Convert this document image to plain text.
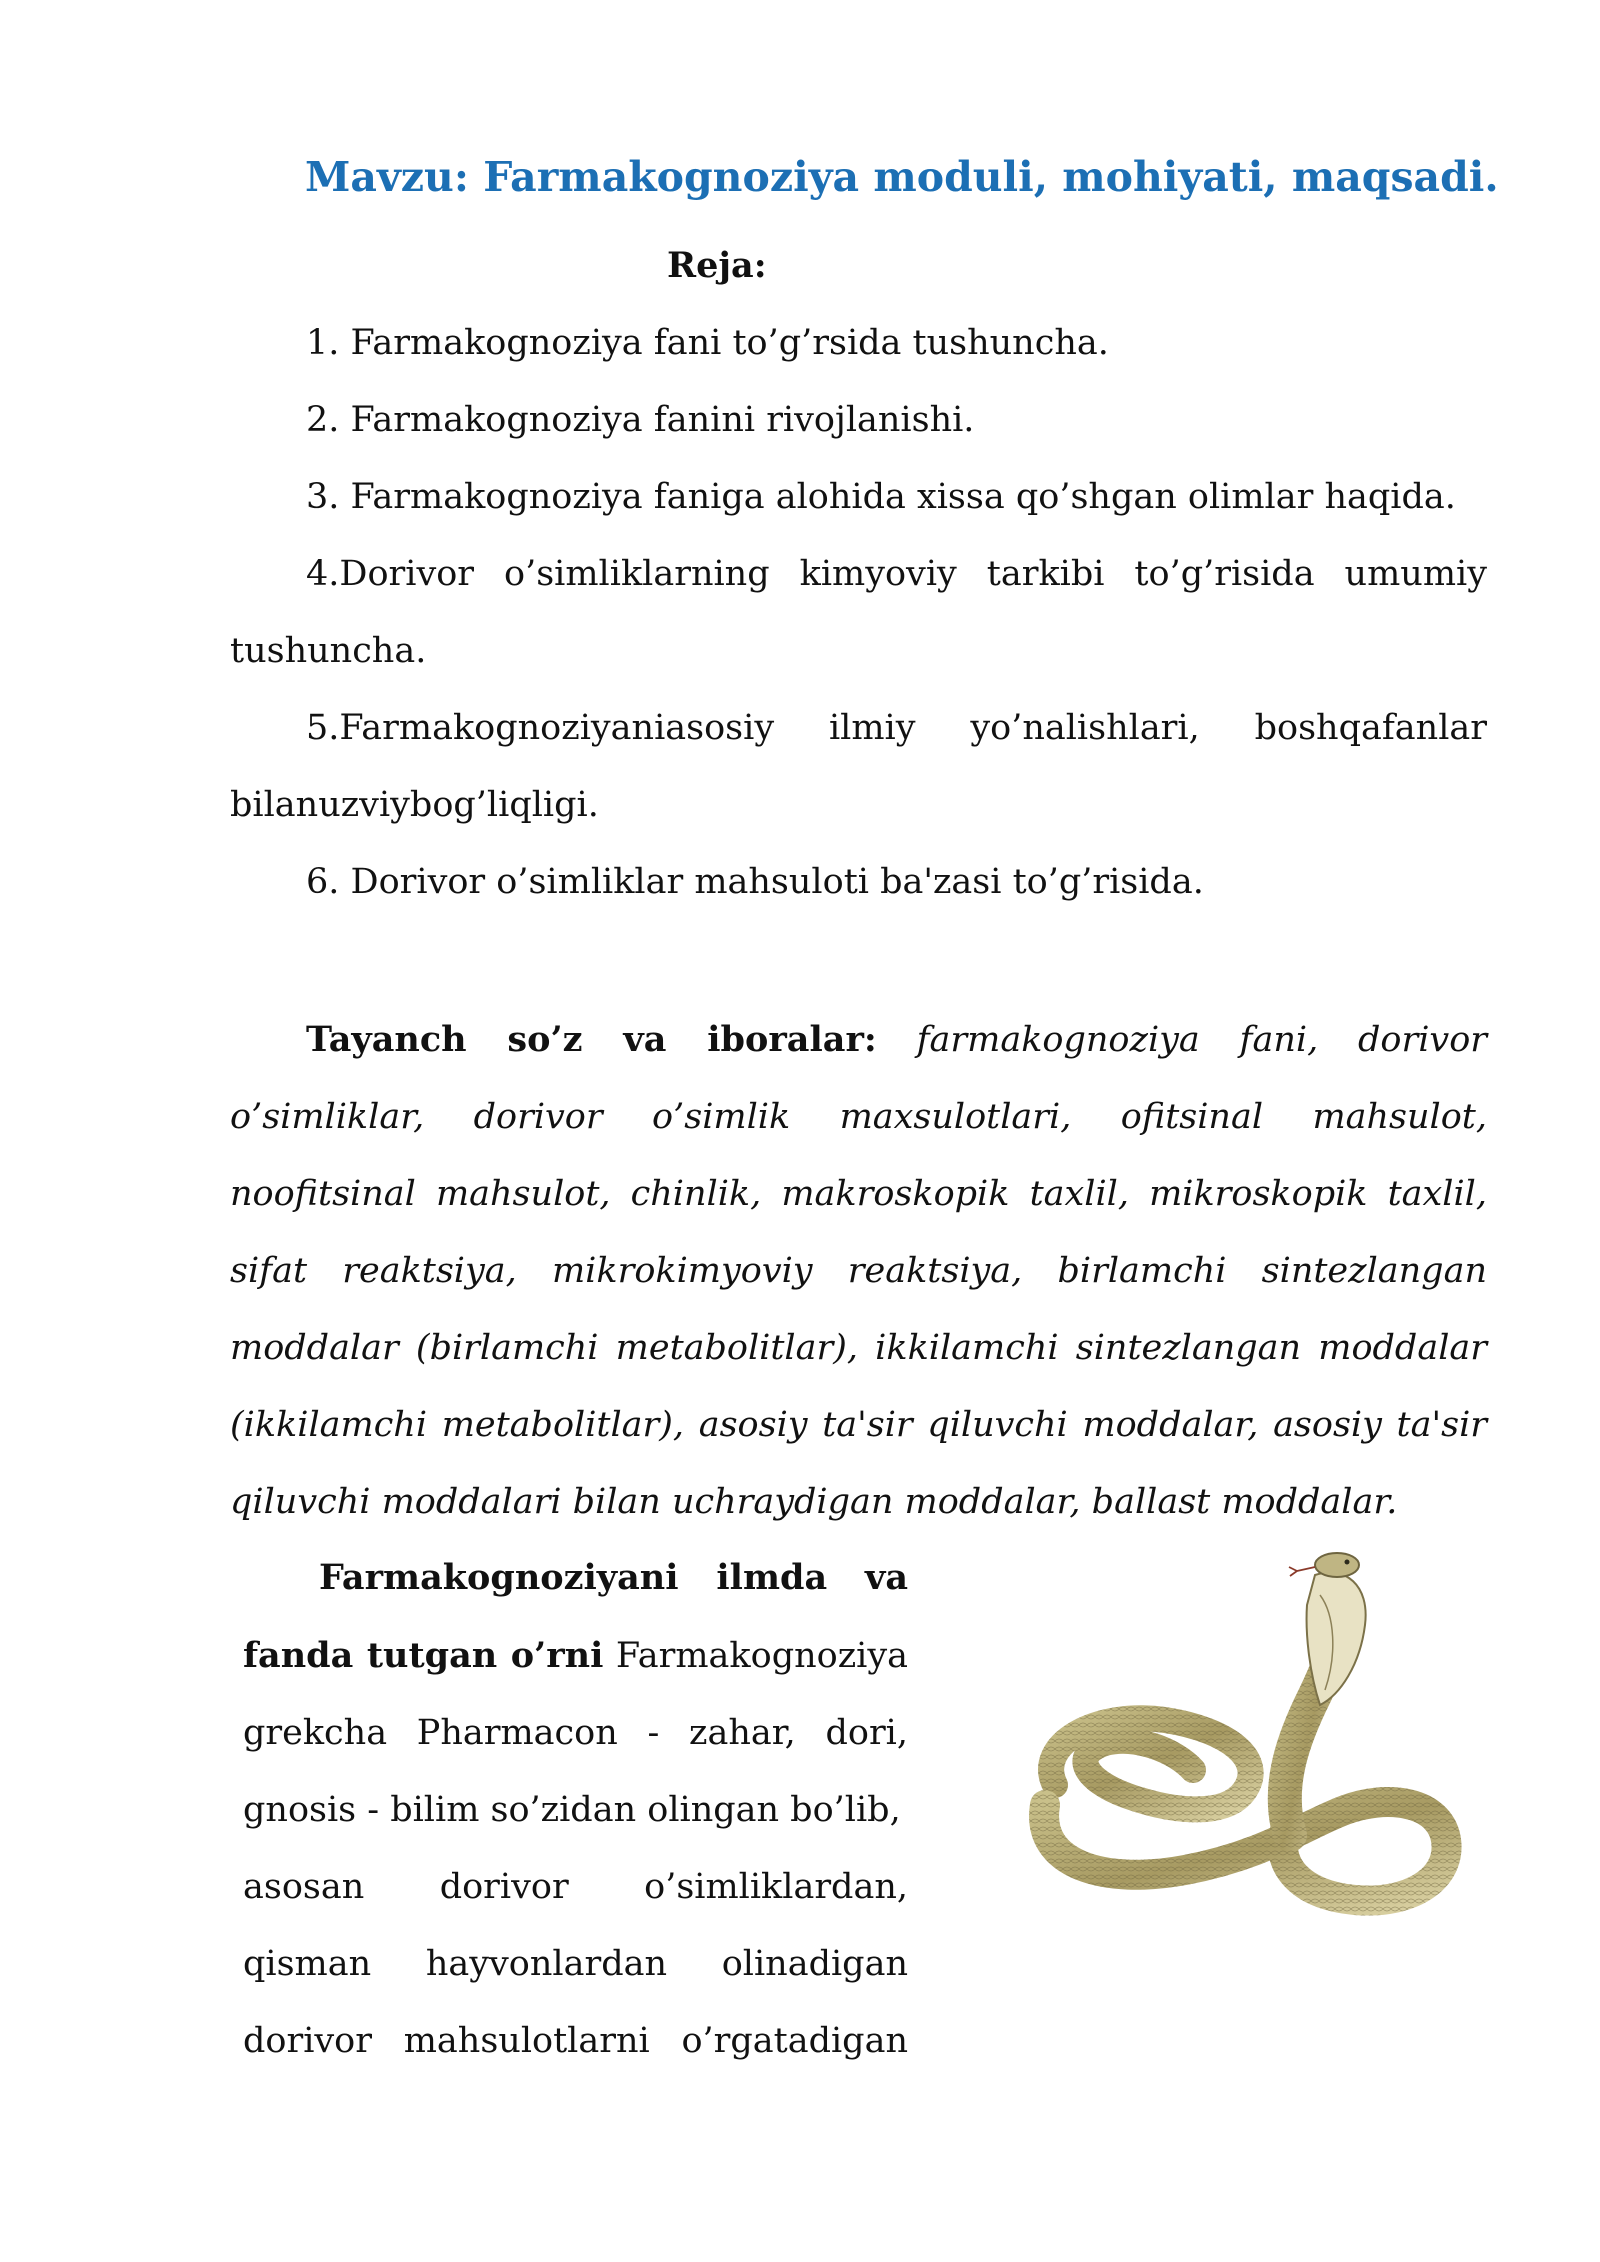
Mavzu: Farmakognoziya moduli, mohiyati, maqsadi.
Reja:
1. Farmakognoziya fani to’g’rsida tushuncha.
2. Farmakognoziya fanini rivojlanishi.
3. Farmakognoziya faniga alohida xissa qo’shgan olimlar haqida.
4.Dorivor o’simliklarning kimyoviy tarkibi to’g’risida umumiy
tushuncha.
5.Farmakognoziyaniasosiy ilmiy yo’nalishlari, boshqafanlar
bilanuzviybog’liqligi.
6. Dorivor o’simliklar mahsuloti ba'zasi to’g’risida.
Tayanch so’z va iboralar: farmakognoziya fani, dorivor
o’simliklar, dorivor o’simlik maxsulotlari, ofitsinal mahsulot,
noofitsinal mahsulot, chinlik, makroskopik taxlil, mikroskopik taxlil,
sifat reaktsiya, mikrokimyoviy reaktsiya, birlamchi sintezlangan
moddalar (birlamchi metabolitlar), ikkilamchi sintezlangan moddalar
(ikkilamchi metabolitlar), asosiy ta'sir qiluvchi moddalar, asosiy ta'sir
qiluvchi moddalari bilan uchraydigan moddalar, ballast moddalar.
Farmakognoziyani ilmda va
fanda tutgan o’rni Farmakognoziya
grekcha Pharmacon - zahar, dori,
gnosis - bilim so’zidan olingan bo’lib,
asosan dorivor o’simliklardan,
qisman hayvonlardan olinadigan
dorivor mahsulotlarni o’rgatadigan
